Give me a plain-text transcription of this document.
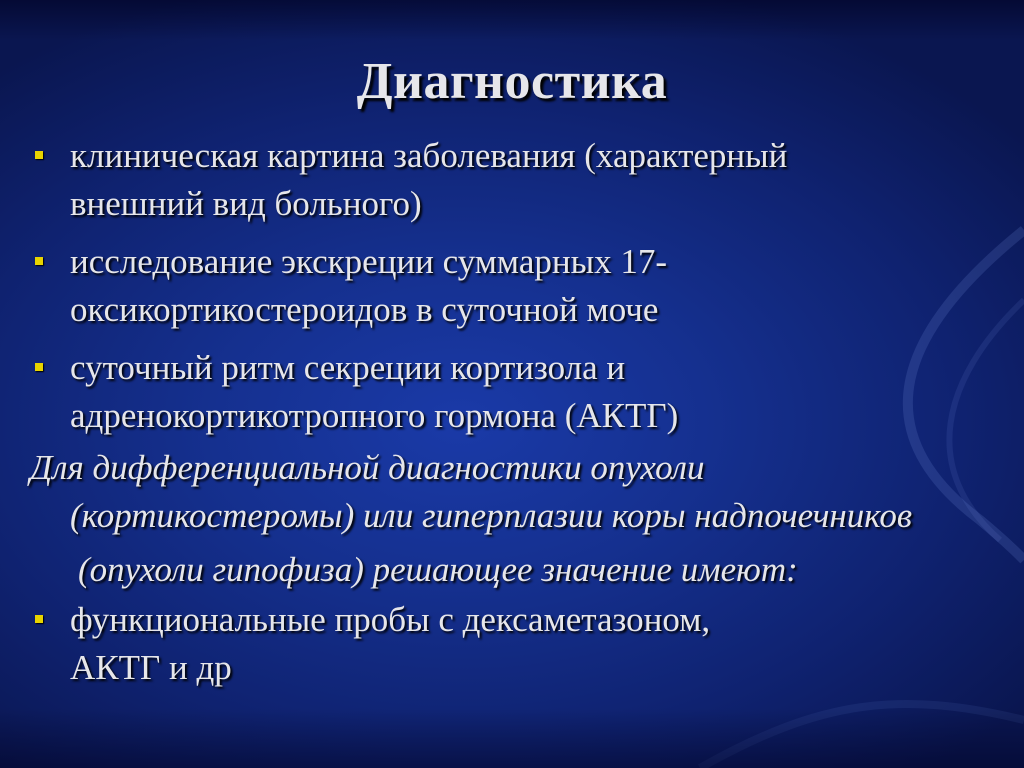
Диагностика
клиническая картина заболевания (характерный
внешний вид больного)
исследование экскреции суммарных 17-
оксикортикостероидов в суточной моче
суточный ритм секреции кортизола и
адренокортикотропного гормона (АКТГ)
Для дифференциальной диагностики опухоли
(кортикостеромы) или гиперплазии коры надпочечников
(опухоли гипофиза) решающее значение имеют:
функциональные пробы с дексаметазоном,
АКТГ и др
